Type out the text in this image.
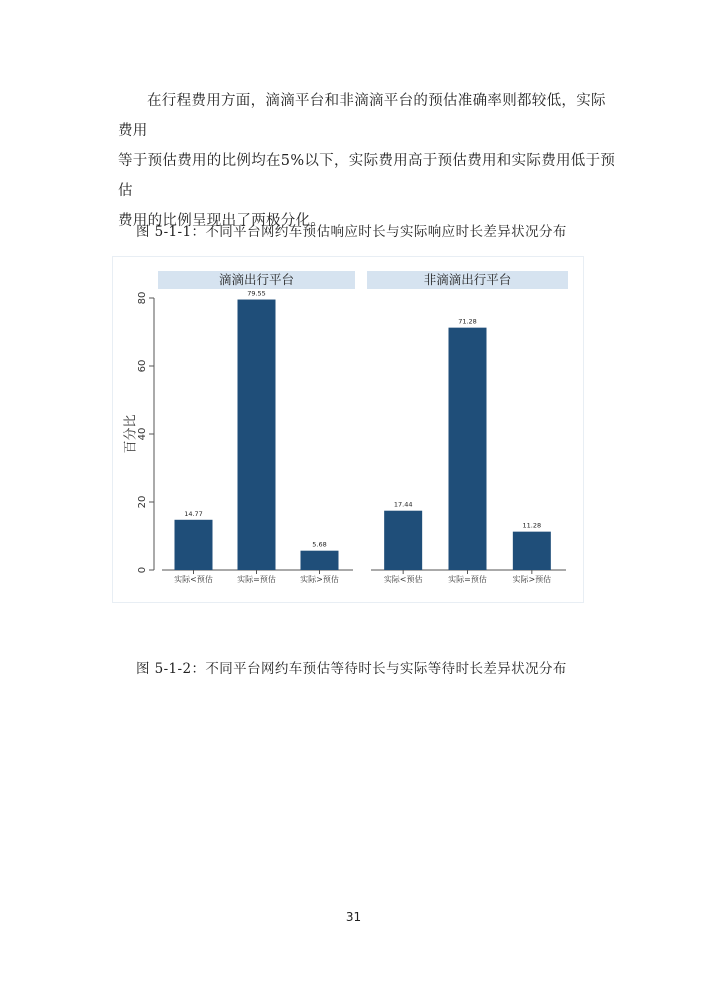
在行程费用方面，滴滴平台和非滴滴平台的预估准确率则都较低，实际费用
等于预估费用的比例均在5%以下，实际费用高于预估费用和实际费用低于预估
费用的比例呈现出了两极分化。

图 5-1-1：不同平台网约车预估响应时长与实际响应时长差异状况分布
0
20
40
60
80
百分比
滴滴出行平台
14.77
实际<预估
79.55
实际=预估
5.68
实际>预估
非滴滴出行平台
17.44
实际<预估
71.28
实际=预估
11.28
实际>预估
图 5-1-2：不同平台网约车预估等待时长与实际等待时长差异状况分布
31
